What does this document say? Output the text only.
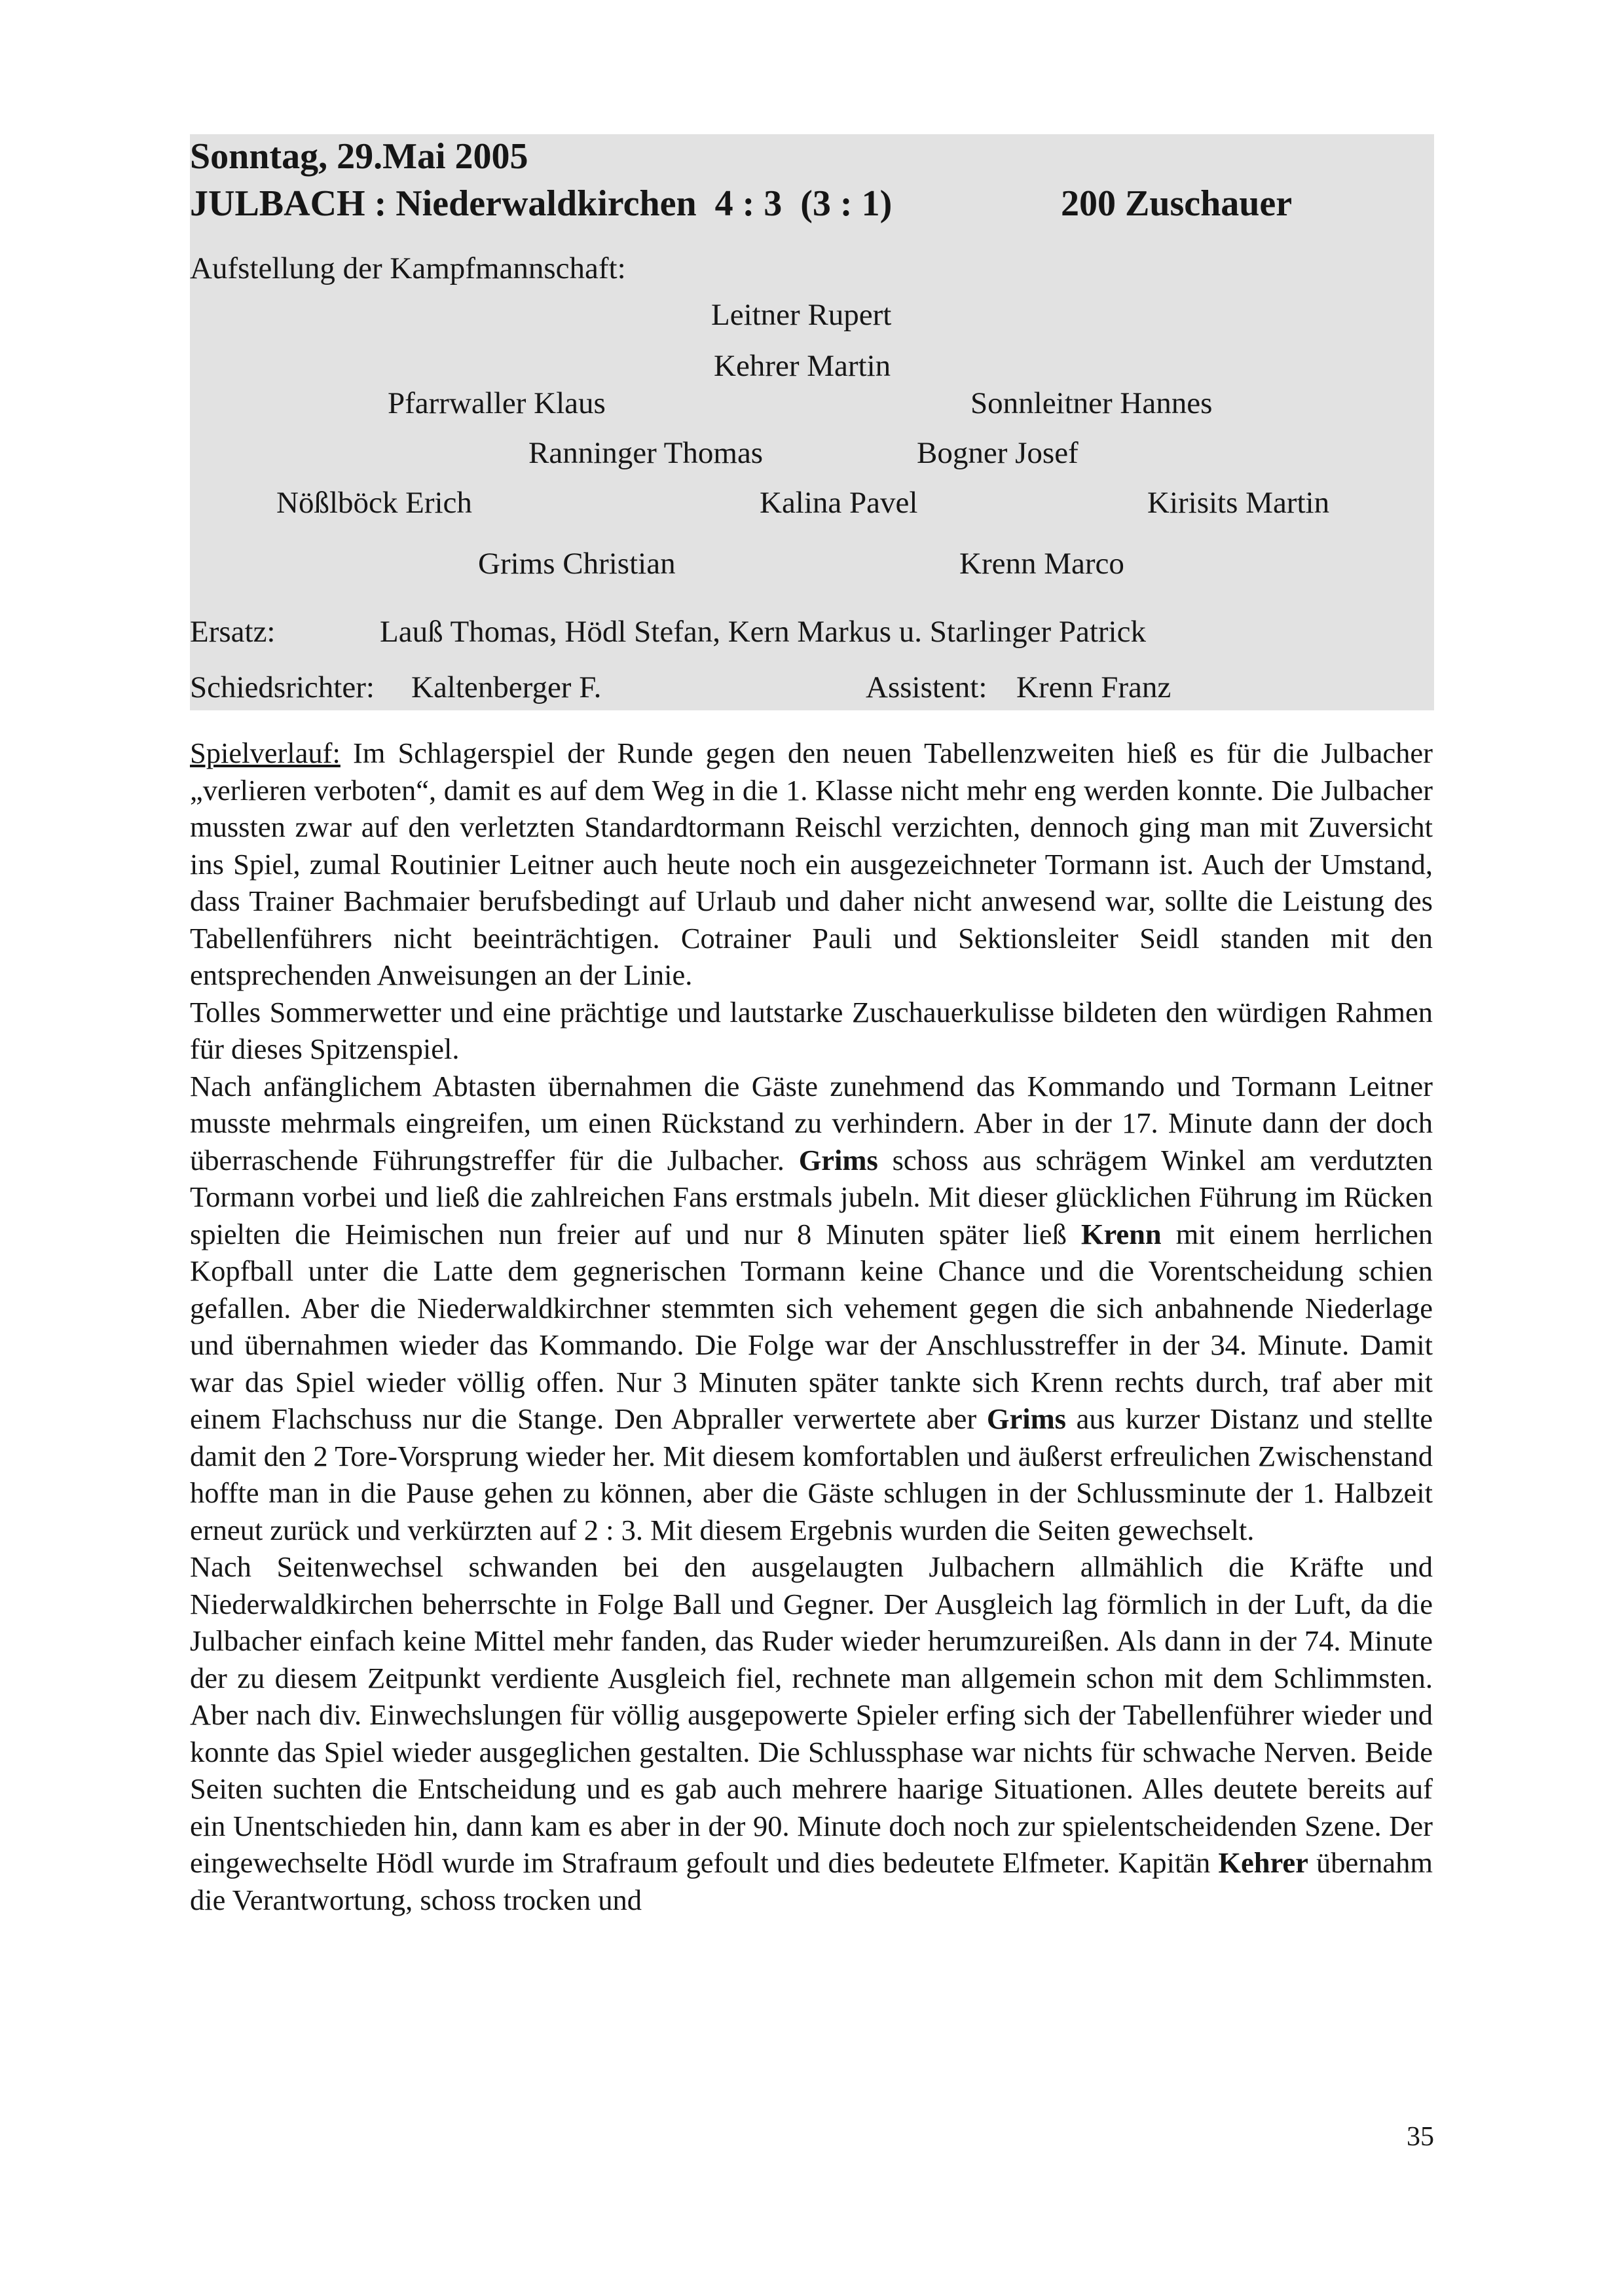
Sonntag, 29.Mai 2005
JULBACH : Niederwaldkirchen  4 : 3  (3 : 1)	200 Zuschauer
Aufstellung der Kampfmannschaft:
Leitner Rupert
Kehrer Martin
Pfarrwaller Klaus	Sonnleitner Hannes
Ranninger Thomas	Bogner Josef
Nößlböck Erich	Kalina Pavel	Kirisits Martin
Grims Christian	Krenn Marco
Ersatz:	Lauß Thomas, Hödl Stefan, Kern Markus u. Starlinger Patrick
Schiedsrichter: Kaltenberger F.	Assistent: Krenn Franz

Spielverlauf: Im Schlagerspiel der Runde gegen den neuen Tabellenzweiten hieß es für die Julbacher „verlieren verboten“, damit es auf dem Weg in die 1. Klasse nicht mehr eng werden konnte. Die Julbacher mussten zwar auf den verletzten Standardtormann Reischl verzichten, dennoch ging man mit Zuversicht ins Spiel, zumal Routinier Leitner auch heute noch ein ausgezeichneter Tormann ist. Auch der Umstand, dass Trainer Bachmaier berufsbedingt auf Urlaub und daher nicht anwesend war, sollte die Leistung des Tabellenführers nicht beeinträchtigen. Cotrainer Pauli und Sektionsleiter Seidl standen mit den entsprechenden Anweisungen an der Linie.

Tolles Sommerwetter und eine prächtige und lautstarke Zuschauerkulisse bildeten den würdigen Rahmen für dieses Spitzenspiel.

Nach anfänglichem Abtasten übernahmen die Gäste zunehmend das Kommando und Tormann Leitner musste mehrmals eingreifen, um einen Rückstand zu verhindern. Aber in der 17. Minute dann der doch überraschende Führungstreffer für die Julbacher. Grims schoss aus schrägem Winkel am verdutzten Tormann vorbei und ließ die zahlreichen Fans erstmals jubeln. Mit dieser glücklichen Führung im Rücken spielten die Heimischen nun freier auf und nur 8 Minuten später ließ Krenn mit einem herrlichen Kopfball unter die Latte dem gegnerischen Tormann keine Chance und die Vorentscheidung schien gefallen. Aber die Niederwaldkirchner stemmten sich vehement gegen die sich anbahnende Niederlage und übernahmen wieder das Kommando. Die Folge war der Anschlusstreffer in der 34. Minute. Damit war das Spiel wieder völlig offen. Nur 3 Minuten später tankte sich Krenn rechts durch, traf aber mit einem Flachschuss nur die Stange. Den Abpraller verwertete aber Grims aus kurzer Distanz und stellte damit den 2 Tore-Vorsprung wieder her. Mit diesem komfortablen und äußerst erfreulichen Zwischenstand hoffte man in die Pause gehen zu können, aber die Gäste schlugen in der Schlussminute der 1. Halbzeit erneut zurück und verkürzten auf 2 : 3. Mit diesem Ergebnis wurden die Seiten gewechselt.

Nach Seitenwechsel schwanden bei den ausgelaugten Julbachern allmählich die Kräfte und Niederwaldkirchen beherrschte in Folge Ball und Gegner. Der Ausgleich lag förmlich in der Luft, da die Julbacher einfach keine Mittel mehr fanden, das Ruder wieder herumzureißen. Als dann in der 74. Minute der zu diesem Zeitpunkt verdiente Ausgleich fiel, rechnete man allgemein schon mit dem Schlimmsten. Aber nach div. Einwechslungen für völlig ausgepowerte Spieler erfing sich der Tabellenführer wieder und konnte das Spiel wieder ausgeglichen gestalten. Die Schlussphase war nichts für schwache Nerven. Beide Seiten suchten die Entscheidung und es gab auch mehrere haarige Situationen. Alles deutete bereits auf ein Unentschieden hin, dann kam es aber in der 90. Minute doch noch zur spielentscheidenden Szene. Der eingewechselte Hödl wurde im Strafraum gefoult und dies bedeutete Elfmeter. Kapitän Kehrer übernahm die Verantwortung, schoss trocken und

35
